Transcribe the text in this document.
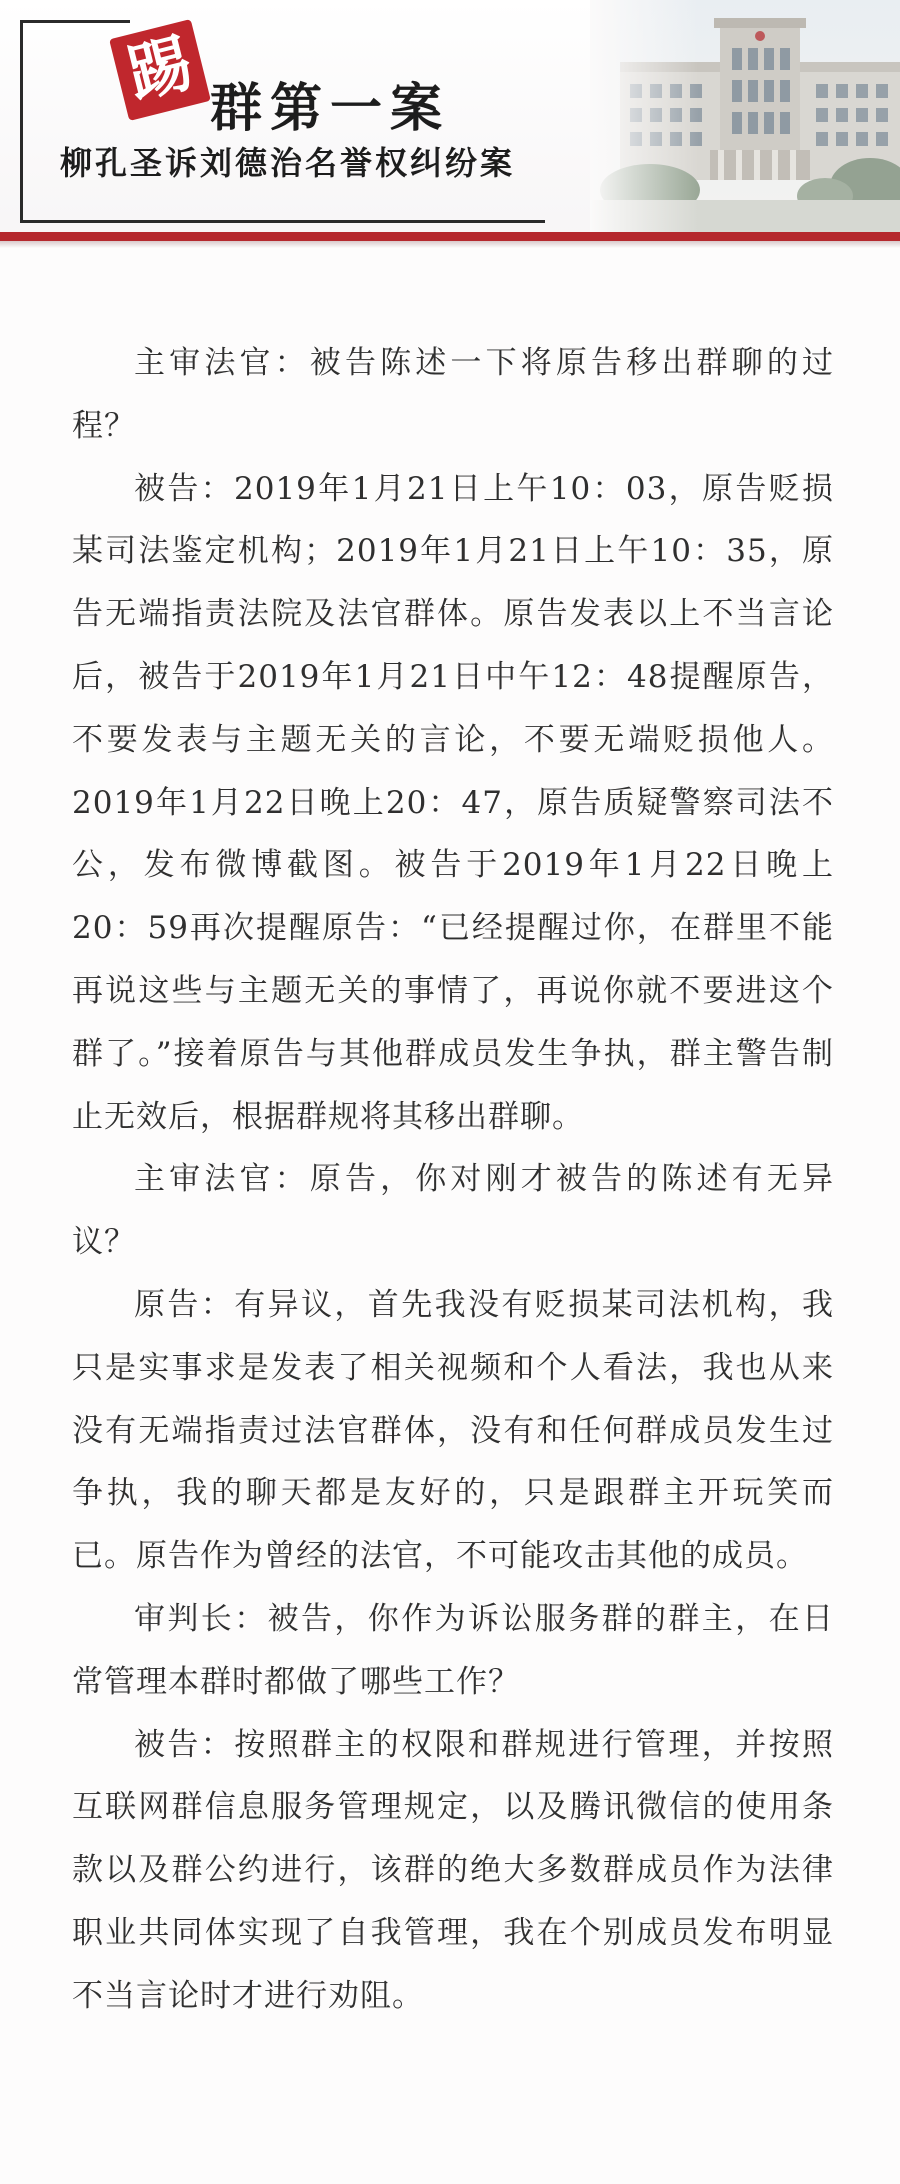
踢 群第一案
柳孔圣诉刘德治名誉权纠纷案

主审法官：被告陈述一下将原告移出群聊的过程？

被告：2019年1月21日上午10：03，原告贬损某司法鉴定机构；2019年1月21日上午10：35，原告无端指责法院及法官群体。原告发表以上不当言论后，被告于2019年1月21日中午12：48提醒原告，不要发表与主题无关的言论，不要无端贬损他人。2019年1月22日晚上20：47，原告质疑警察司法不公，发布微博截图。被告于2019年1月22日晚上20：59再次提醒原告：“已经提醒过你，在群里不能再说这些与主题无关的事情了，再说你就不要进这个群了。”接着原告与其他群成员发生争执，群主警告制止无效后，根据群规将其移出群聊。

主审法官：原告，你对刚才被告的陈述有无异议？

原告：有异议，首先我没有贬损某司法机构，我只是实事求是发表了相关视频和个人看法，我也从来没有无端指责过法官群体，没有和任何群成员发生过争执，我的聊天都是友好的，只是跟群主开玩笑而已。原告作为曾经的法官，不可能攻击其他的成员。

审判长：被告，你作为诉讼服务群的群主，在日常管理本群时都做了哪些工作？

被告：按照群主的权限和群规进行管理，并按照互联网群信息服务管理规定，以及腾讯微信的使用条款以及群公约进行，该群的绝大多数群成员作为法律职业共同体实现了自我管理，我在个别成员发布明显不当言论时才进行劝阻。
